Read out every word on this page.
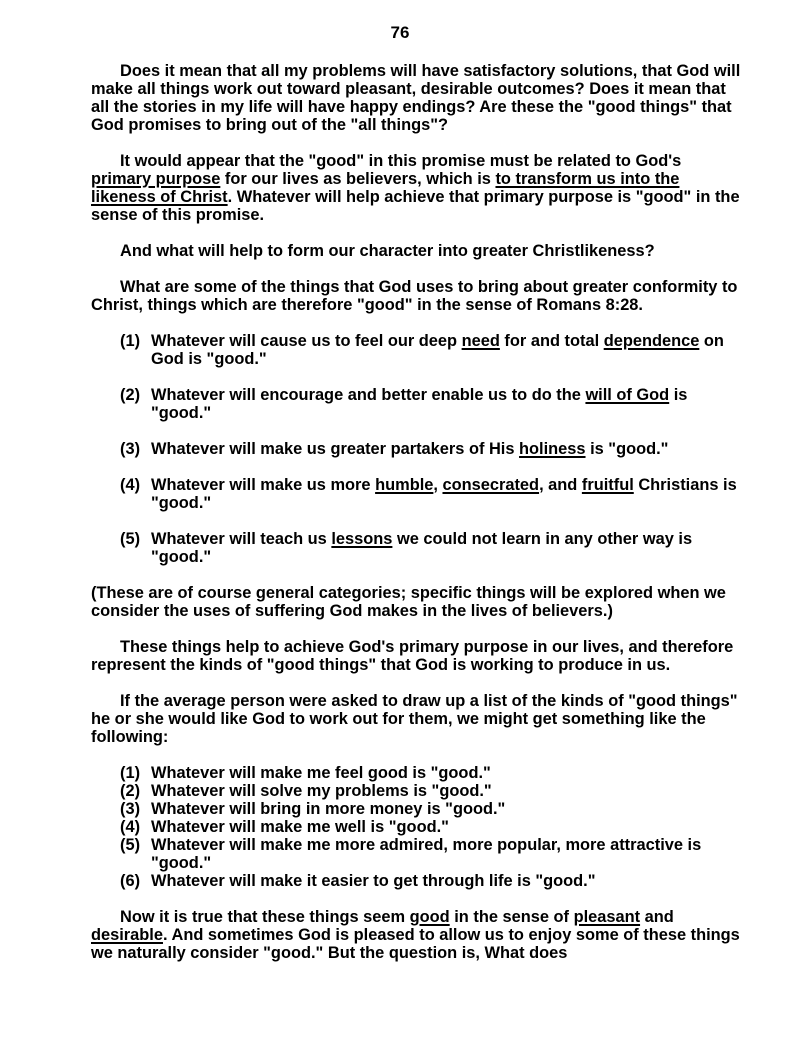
76

Does it mean that all my problems will have satisfactory solutions, that God will make all things work out toward pleasant, desirable outcomes? Does it mean that all the stories in my life will have happy endings? Are these the "good things" that God promises to bring out of the "all things"?

It would appear that the "good" in this promise must be related to God's primary purpose for our lives as believers, which is to transform us into the likeness of Christ. Whatever will help achieve that primary purpose is "good" in the sense of this promise.

And what will help to form our character into greater Christlikeness?

What are some of the things that God uses to bring about greater conformity to Christ, things which are therefore "good" in the sense of Romans 8:28.

(1) Whatever will cause us to feel our deep need for and total dependence on God is "good."
(2) Whatever will encourage and better enable us to do the will of God is "good."
(3) Whatever will make us greater partakers of His holiness is "good."
(4) Whatever will make us more humble, consecrated, and fruitful Christians is "good."
(5) Whatever will teach us lessons we could not learn in any other way is "good."

(These are of course general categories; specific things will be explored when we consider the uses of suffering God makes in the lives of believers.)

These things help to achieve God's primary purpose in our lives, and therefore represent the kinds of "good things" that God is working to produce in us.

If the average person were asked to draw up a list of the kinds of "good things" he or she would like God to work out for them, we might get something like the following:

(1) Whatever will make me feel good is "good."
(2) Whatever will solve my problems is "good."
(3) Whatever will bring in more money is "good."
(4) Whatever will make me well is "good."
(5) Whatever will make me more admired, more popular, more attractive is "good."
(6) Whatever will make it easier to get through life is "good."

Now it is true that these things seem good in the sense of pleasant and desirable. And sometimes God is pleased to allow us to enjoy some of these things we naturally consider "good." But the question is, What does
